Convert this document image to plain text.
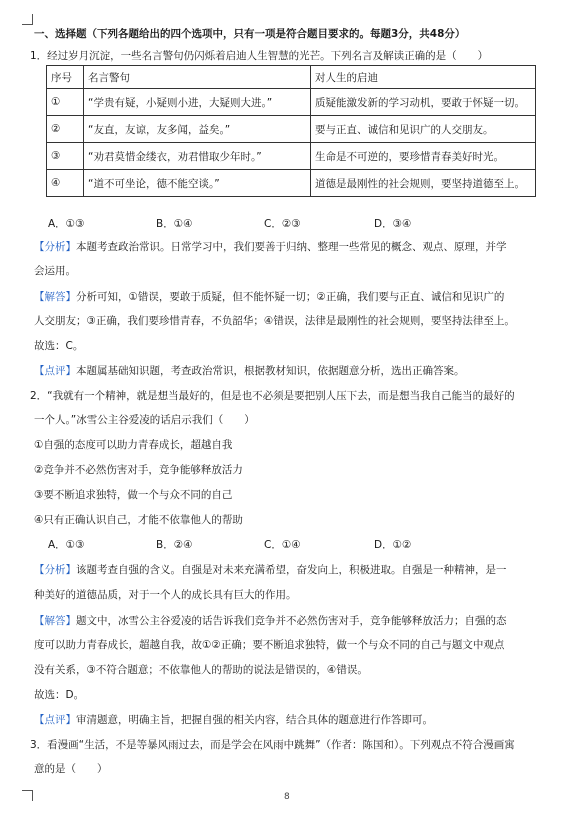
一、选择题（下列各题给出的四个选项中，只有一项是符合题目要求的。每题3分，共48分）
1．经过岁月沉淀，一些名言警句仍闪烁着启迪人生智慧的光芒。下列名言及解读正确的是（　　）
序号	名言警句	对人生的启迪
①	“学贵有疑，小疑则小进，大疑则大进。”	质疑能激发新的学习动机，要敢于怀疑一切。
②	“友直，友谅，友多闻，益矣。”	要与正直、诚信和见识广的人交朋友。
③	“劝君莫惜金缕衣，劝君惜取少年时。”	生命是不可逆的，要珍惜青春美好时光。
④	“道不可坐论，德不能空谈。”	道德是最刚性的社会规则，要坚持道德至上。
A．①③	B．①④	C．②③	D．③④
【分析】本题考查政治常识。日常学习中，我们要善于归纳、整理一些常见的概念、观点、原理，并学
会运用。
【解答】分析可知，①错误，要敢于质疑，但不能怀疑一切；②正确，我们要与正直、诚信和见识广的
人交朋友；③正确，我们要珍惜青春，不负韶华；④错误，法律是最刚性的社会规则，要坚持法律至上。
故选：C。
【点评】本题属基础知识题，考查政治常识，根据教材知识，依据题意分析，选出正确答案。
2．“我就有一个精神，就是想当最好的，但是也不必须是要把别人压下去，而是想当我自己能当的最好的
一个人。”冰雪公主谷爱凌的话启示我们（　　）
①自强的态度可以助力青春成长，超越自我
②竞争并不必然伤害对手，竞争能够释放活力
③要不断追求独特，做一个与众不同的自己
④只有正确认识自己，才能不依靠他人的帮助
A．①③	B．②④	C．①④	D．①②
【分析】该题考查自强的含义。自强是对未来充满希望，奋发向上，积极进取。自强是一种精神，是一
种美好的道德品质，对于一个人的成长具有巨大的作用。
【解答】题文中，冰雪公主谷爱凌的话告诉我们竞争并不必然伤害对手，竞争能够释放活力；自强的态
度可以助力青春成长，超越自我，故①②正确；要不断追求独特，做一个与众不同的自己与题文中观点
没有关系，③不符合题意；不依靠他人的帮助的说法是错误的，④错误。
故选：D。
【点评】审清题意，明确主旨，把握自强的相关内容，结合具体的题意进行作答即可。
3．看漫画“生活，不是等暴风雨过去，而是学会在风雨中跳舞”（作者：陈国和）。下列观点不符合漫画寓
意的是（　　）
8
